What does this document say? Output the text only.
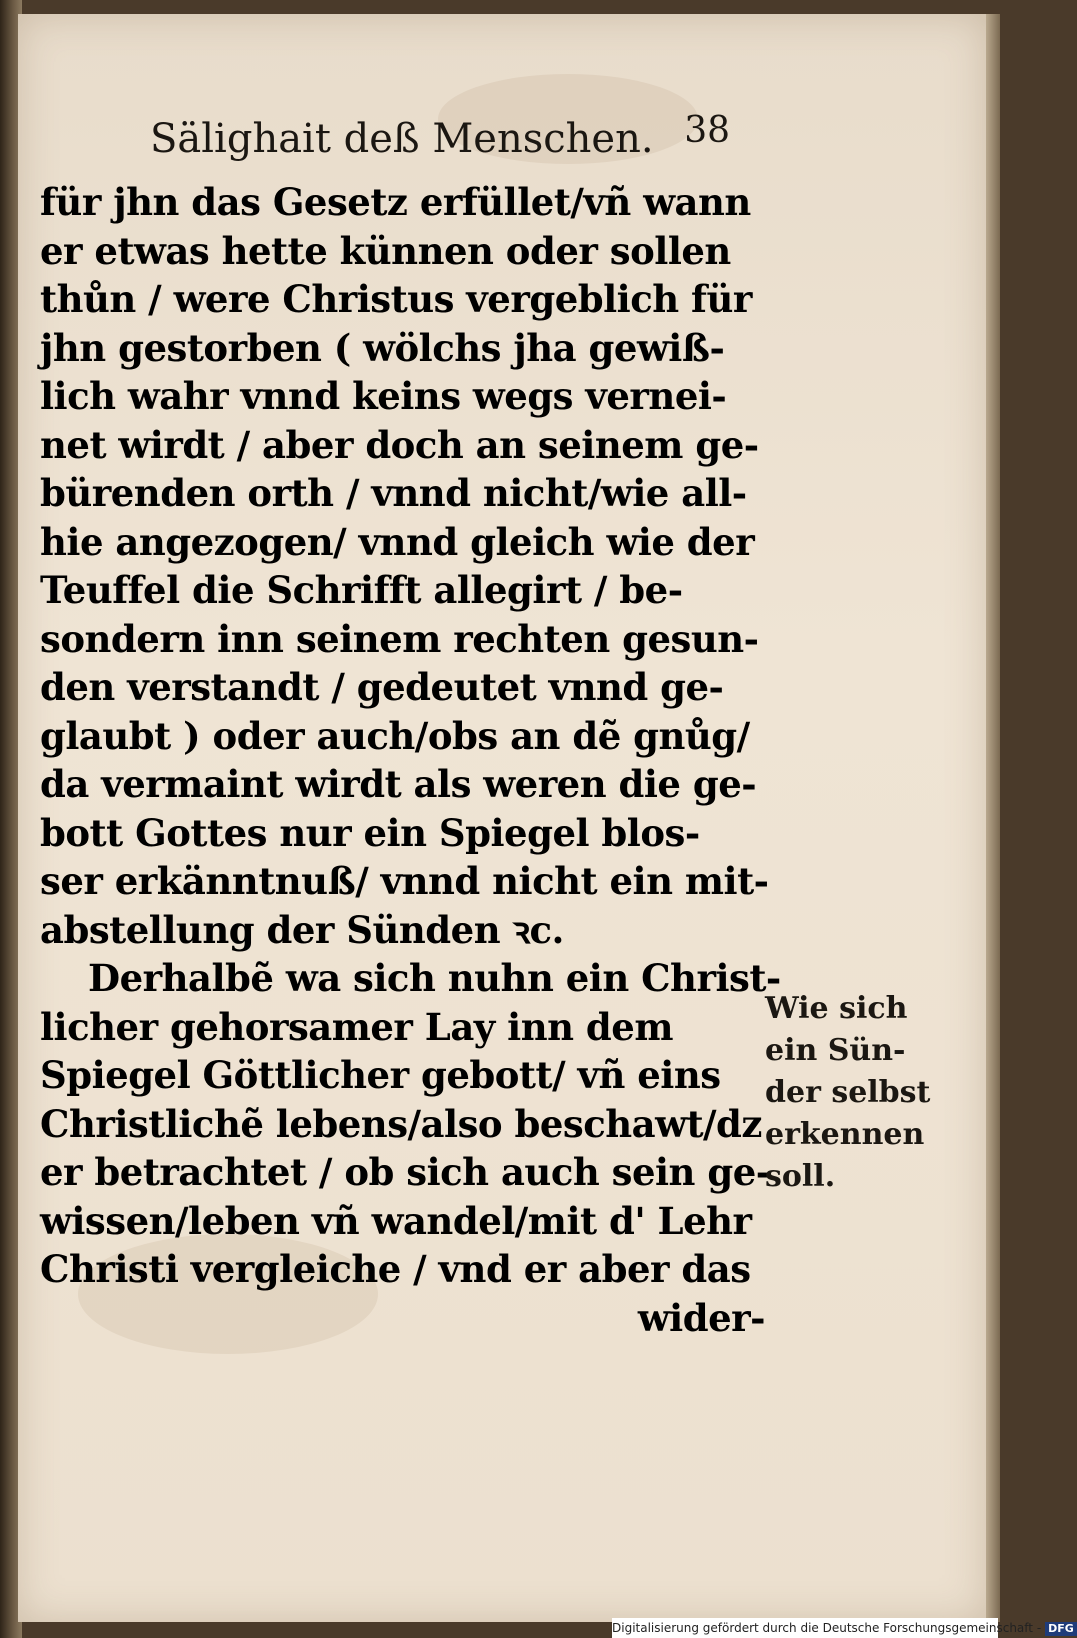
Sälighait deß Menschen. 38
für jhn das Gesetz erfüllet/vñ wann
er etwas hette künnen oder sollen
thůn / were Christus vergeblich für
jhn gestorben ( wölchs jha gewiß-
lich wahr vnnd keins wegs vernei-
net wirdt / aber doch an seinem ge-
bürenden orth / vnnd nicht/wie all-
hie angezogen/ vnnd gleich wie der
Teuffel die Schrifft allegirt / be-
sondern inn seinem rechten gesun-
den verstandt / gedeutet vnnd ge-
glaubt ) oder auch/obs an dẽ gnůg/
da vermaint wirdt als weren die ge-
bott Gottes nur ein Spiegel blos-
ser erkänntnuß/ vnnd nicht ein mit-
abstellung der Sünden ꝛc.
Derhalbẽ wa sich nuhn ein Christ-
licher gehorsamer Lay inn dem
Spiegel Göttlicher gebott/ vñ eins
Christlichẽ lebens/also beschawt/dz
er betrachtet / ob sich auch sein ge-
wissen/leben vñ wandel/mit d' Lehr
Christi vergleiche / vnd er aber das
wider-
Wie sich
ein Sün-
der selbst
erkennen
soll.
Digitalisierung gefördert durch die Deutsche Forschungsgemeinschaft - DFG
